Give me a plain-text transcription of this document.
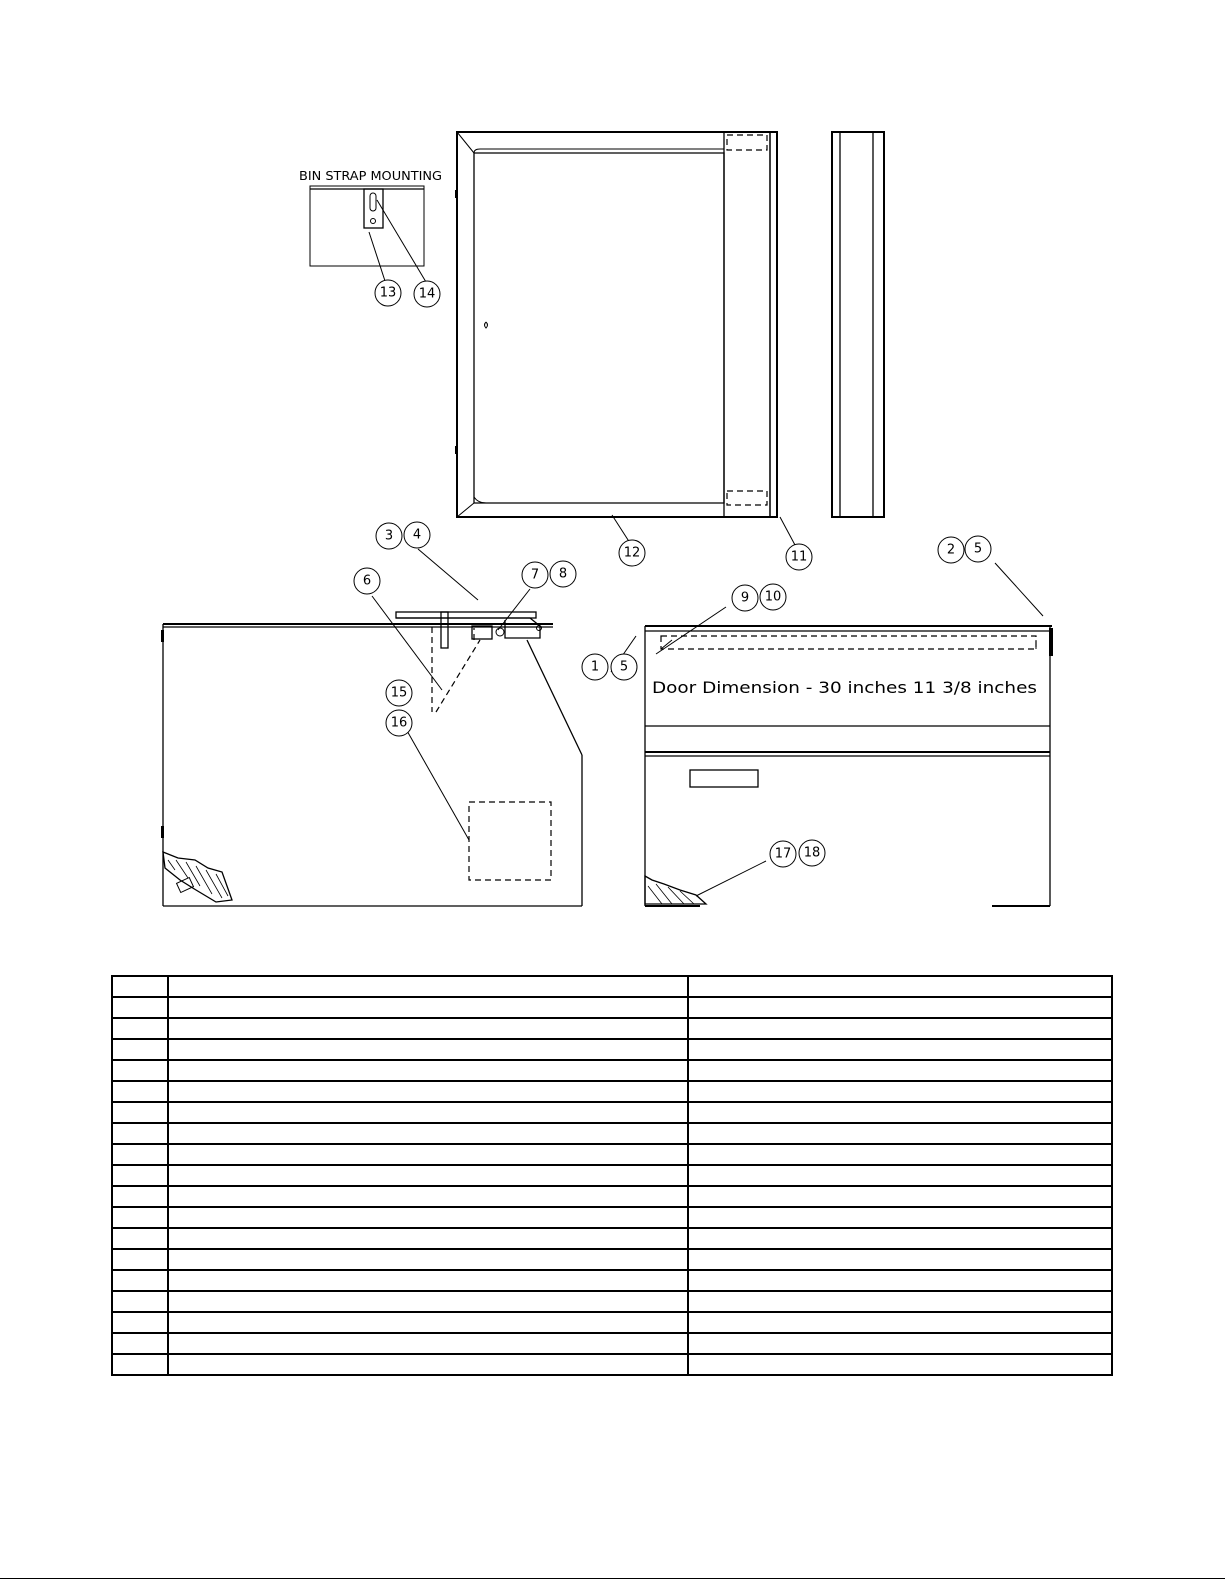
BIN STRAP MOUNTING
Door Dimension - 30 inches 11 3/8 inches
13 14
3 4
12	11	2 5
6	7 8
9 10
1 5
15
16
17 18
